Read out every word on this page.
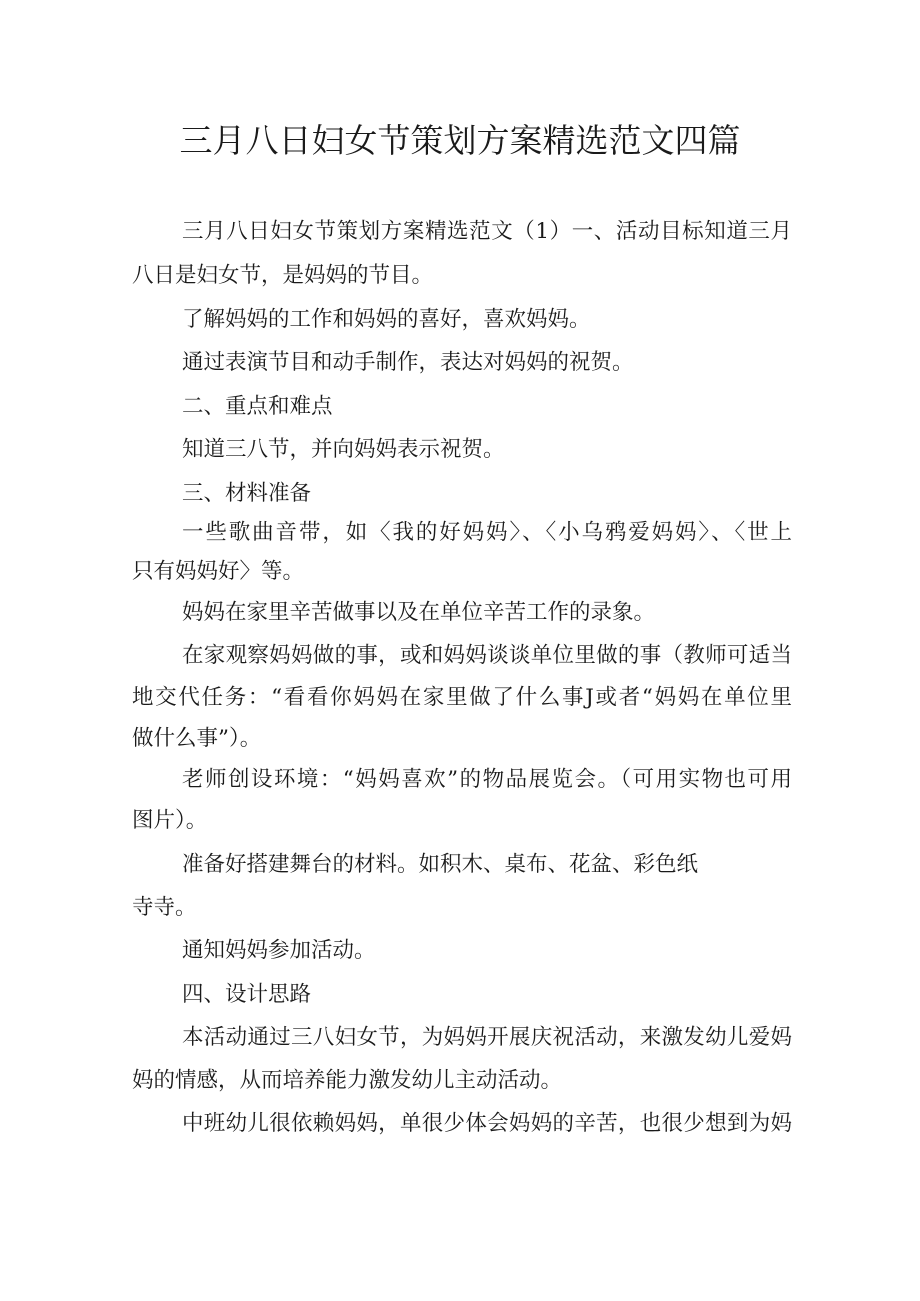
三月八日妇女节策划方案精选范文四篇
三月八日妇女节策划方案精选范文（1）一、活动目标知道三月
八日是妇女节，是妈妈的节目。
了解妈妈的工作和妈妈的喜好，喜欢妈妈。
通过表演节目和动手制作，表达对妈妈的祝贺。
二、重点和难点
知道三八节，并向妈妈表示祝贺。
三、材料准备
一些歌曲音带，如〈我的好妈妈〉、〈小乌鸦爱妈妈〉、〈世上
只有妈妈好〉等。
妈妈在家里辛苦做事以及在单位辛苦工作的录象。
在家观察妈妈做的事，或和妈妈谈谈单位里做的事（教师可适当
地交代任务：“看看你妈妈在家里做了什么事J或者“妈妈在单位里
做什么事”）。
老师创设环境：“妈妈喜欢”的物品展览会。（可用实物也可用
图片）。
准备好搭建舞台的材料。如积木、桌布、花盆、彩色纸
寺寺。
通知妈妈参加活动。
四、设计思路
本活动通过三八妇女节，为妈妈开展庆祝活动，来激发幼儿爱妈
妈的情感，从而培养能力激发幼儿主动活动。
中班幼儿很依赖妈妈，单很少体会妈妈的辛苦，也很少想到为妈
